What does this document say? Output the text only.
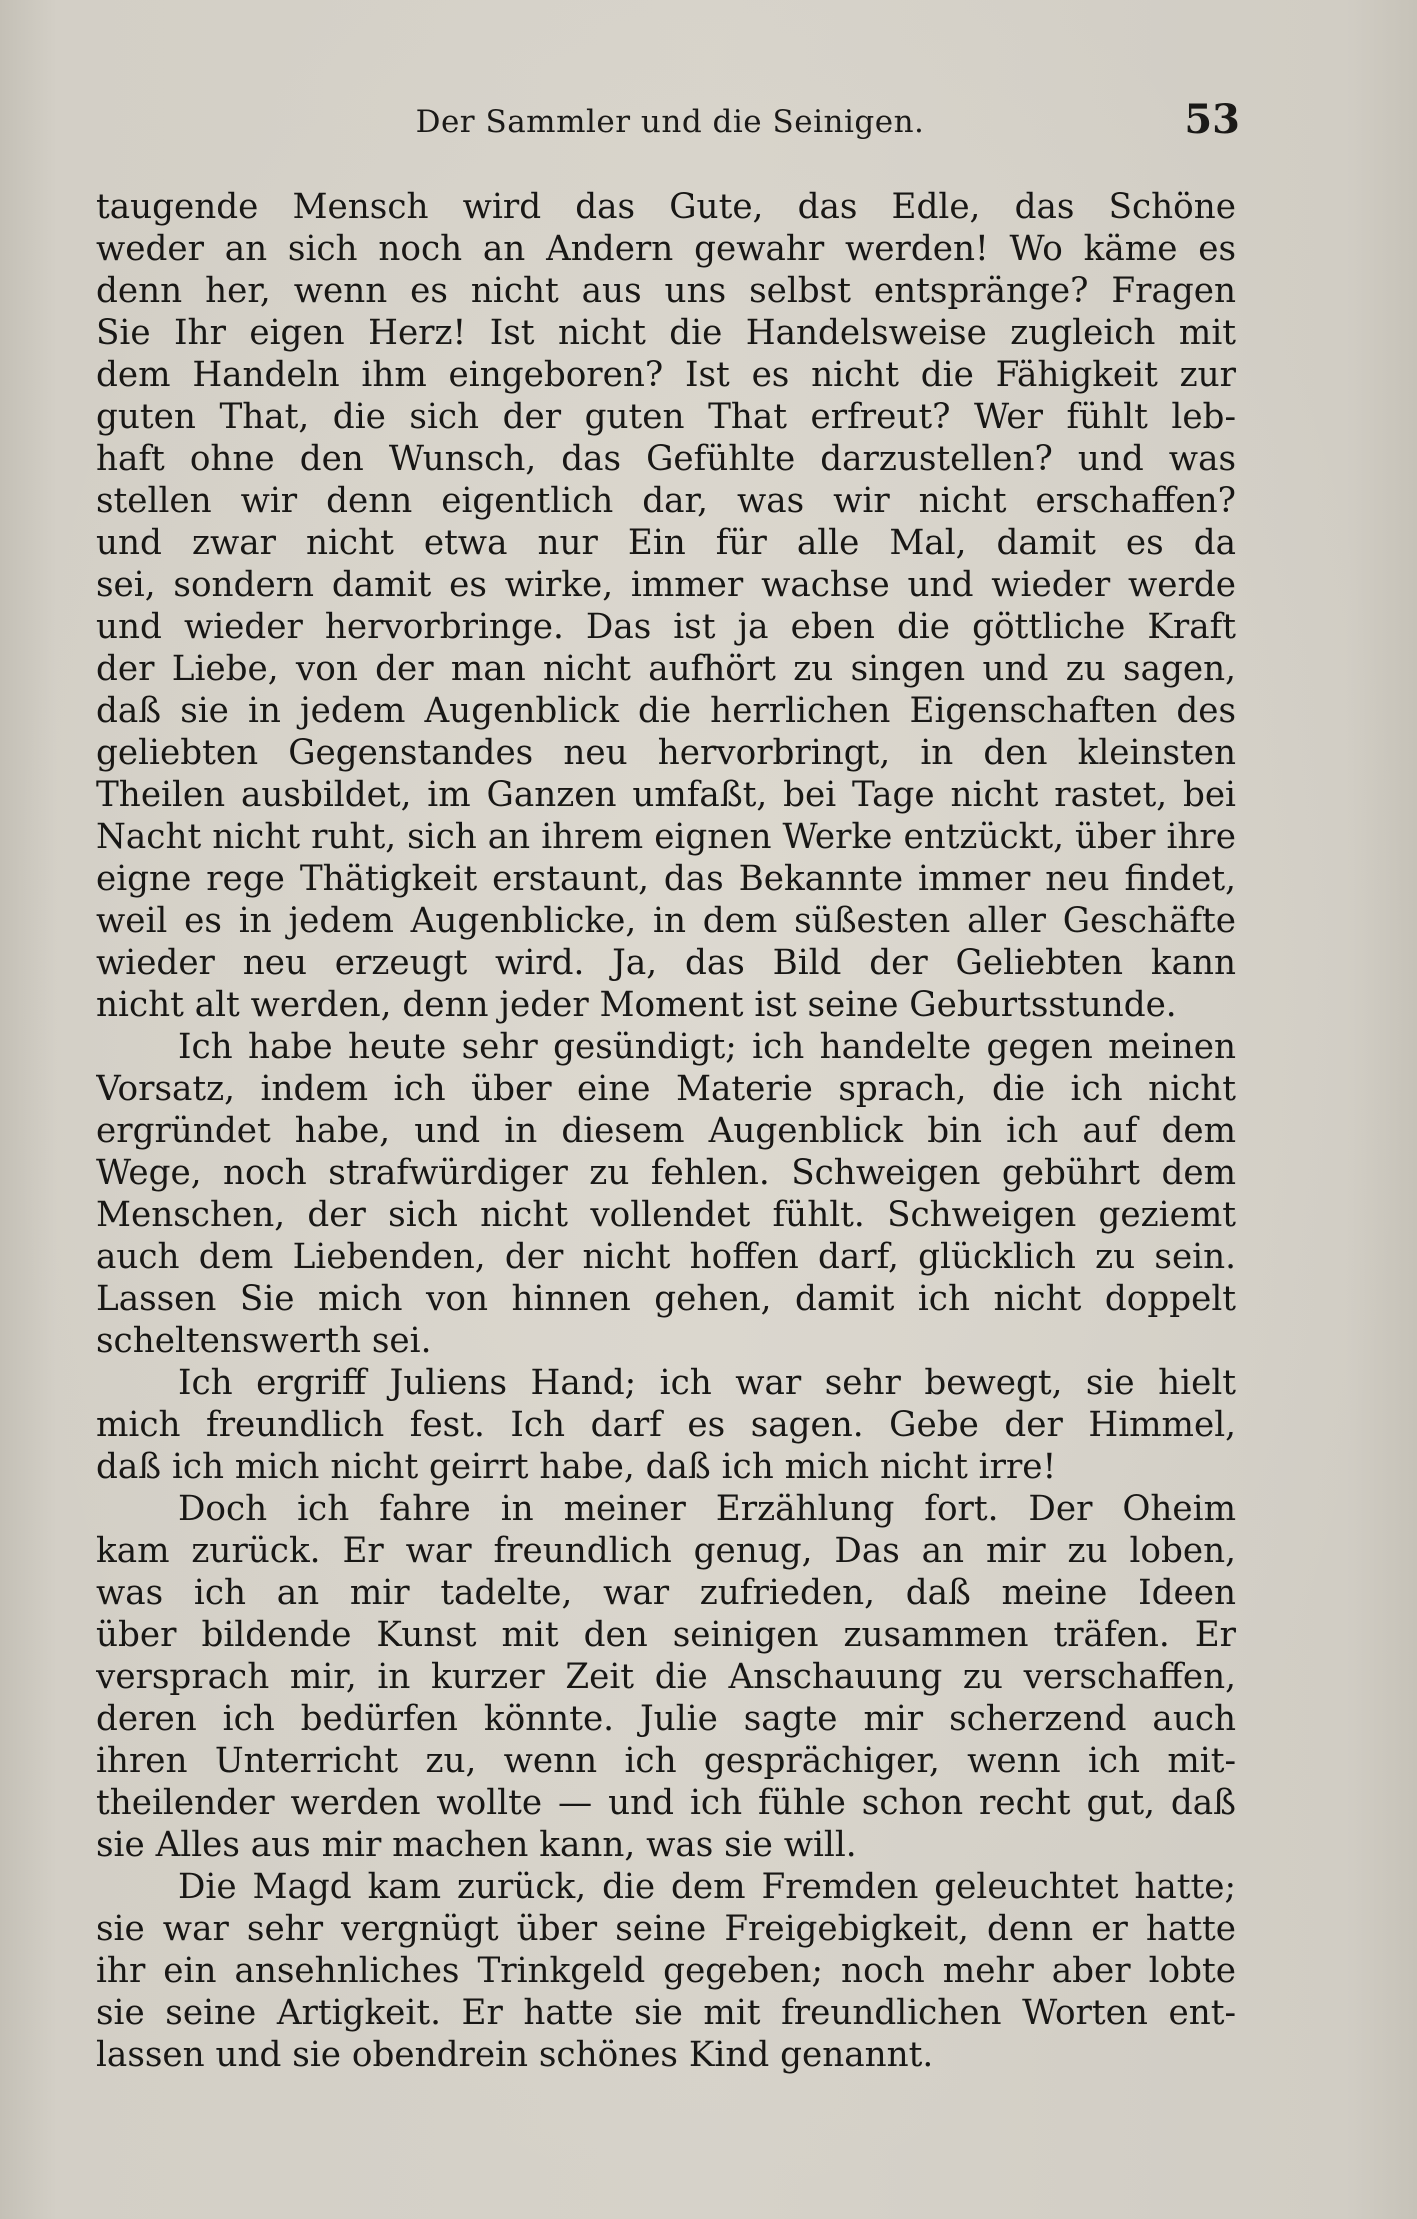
Der Sammler und die Seinigen.	53
taugende Mensch wird das Gute, das Edle, das Schöne
weder an sich noch an Andern gewahr werden! Wo käme es
denn her, wenn es nicht aus uns selbst entspränge? Fragen
Sie Ihr eigen Herz! Ist nicht die Handelsweise zugleich mit
dem Handeln ihm eingeboren? Ist es nicht die Fähigkeit zur
guten That, die sich der guten That erfreut? Wer fühlt leb-
haft ohne den Wunsch, das Gefühlte darzustellen? und was
stellen wir denn eigentlich dar, was wir nicht erschaffen?
und zwar nicht etwa nur Ein für alle Mal, damit es da
sei, sondern damit es wirke, immer wachse und wieder werde
und wieder hervorbringe. Das ist ja eben die göttliche Kraft
der Liebe, von der man nicht aufhört zu singen und zu sagen,
daß sie in jedem Augenblick die herrlichen Eigenschaften des
geliebten Gegenstandes neu hervorbringt, in den kleinsten
Theilen ausbildet, im Ganzen umfaßt, bei Tage nicht rastet, bei
Nacht nicht ruht, sich an ihrem eignen Werke entzückt, über ihre
eigne rege Thätigkeit erstaunt, das Bekannte immer neu findet,
weil es in jedem Augenblicke, in dem süßesten aller Geschäfte
wieder neu erzeugt wird. Ja, das Bild der Geliebten kann
nicht alt werden, denn jeder Moment ist seine Geburtsstunde.
Ich habe heute sehr gesündigt; ich handelte gegen meinen
Vorsatz, indem ich über eine Materie sprach, die ich nicht
ergründet habe, und in diesem Augenblick bin ich auf dem
Wege, noch strafwürdiger zu fehlen. Schweigen gebührt dem
Menschen, der sich nicht vollendet fühlt. Schweigen geziemt
auch dem Liebenden, der nicht hoffen darf, glücklich zu sein.
Lassen Sie mich von hinnen gehen, damit ich nicht doppelt
scheltenswerth sei.
Ich ergriff Juliens Hand; ich war sehr bewegt, sie hielt
mich freundlich fest. Ich darf es sagen. Gebe der Himmel,
daß ich mich nicht geirrt habe, daß ich mich nicht irre!
Doch ich fahre in meiner Erzählung fort. Der Oheim
kam zurück. Er war freundlich genug, Das an mir zu loben,
was ich an mir tadelte, war zufrieden, daß meine Ideen
über bildende Kunst mit den seinigen zusammen träfen. Er
versprach mir, in kurzer Zeit die Anschauung zu verschaffen,
deren ich bedürfen könnte. Julie sagte mir scherzend auch
ihren Unterricht zu, wenn ich gesprächiger, wenn ich mit-
theilender werden wollte — und ich fühle schon recht gut, daß
sie Alles aus mir machen kann, was sie will.
Die Magd kam zurück, die dem Fremden geleuchtet hatte;
sie war sehr vergnügt über seine Freigebigkeit, denn er hatte
ihr ein ansehnliches Trinkgeld gegeben; noch mehr aber lobte
sie seine Artigkeit. Er hatte sie mit freundlichen Worten ent-
lassen und sie obendrein schönes Kind genannt.
